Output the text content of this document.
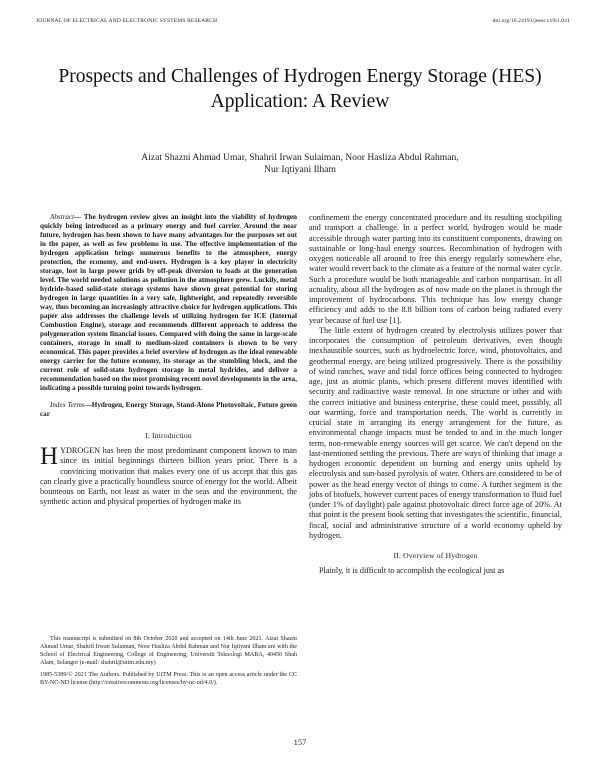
JOURNAL OF ELECTRICAL AND ELECTRONIC SYSTEMS RESEARCH	doi.org/10.24191/jeesr.v19i1.021
Prospects and Challenges of Hydrogen Energy Storage (HES) Application: A Review
Aizat Shazni Ahmad Umar, Shahril Irwan Sulaiman, Noor Hasliza Abdul Rahman,
Nur Iqtiyani Ilham

Abstract— The hydrogen review gives an insight into the viability of hydrogen quickly being introduced as a primary energy and fuel carrier. Around the near future, hydrogen has been shown to have many advantages for the purposes set out in the paper, as well as few problems in use. The effective implementation of the hydrogen application brings numerous benefits to the atmosphere, energy protection, the economy, and end-users. Hydrogen is a key player in electricity storage, lost in large power grids by off-peak diversion to loads at the generation level. The world needed solutions as pollution in the atmosphere grew. Luckily, metal hydride-based solid-state storage systems have shown great potential for storing hydrogen in large quantities in a very safe, lightweight, and repeatedly reversible way, thus becoming an increasingly attractive choice for hydrogen applications. This paper also addresses the challenge levels of utilizing hydrogen for ICE (Internal Combustion Engine), storage and recommends different approach to address the polygeneration system financial issues. Compared with doing the same in large-scale containers, storage in small to medium-sized containers is shown to be very economical. This paper provides a brief overview of hydrogen as the ideal renewable energy carrier for the future economy, its storage as the stumbling block, and the current role of solid-state hydrogen storage in metal hydrides, and deliver a recommendation based on the most promising recent novel developments in the area, indicating a possible turning point towards hydrogen.

Index Terms—Hydrogen, Energy Storage, Stand-Alone Photovoltaic, Future green car

I. Introduction

HYDROGEN has been the most predominant component known to man since its initial beginnings thirteen billion years prior. There is a convincing motivation that makes every one of us accept that this gas can clearly give a practically boundless source of energy for the world. Albeit bounteous on Earth, not least as water in the seas and the environment, the synthetic action and physical properties of hydrogen make its

This manuscript is submitted on 8th October 2020 and accepted on 14th June 2021. Aizat Shazni Ahmad Umar, Shahril Irwan Sulaiman, Noor Hasliza Abdul Rahman and Nur Iqtiyani Ilham are with the School of Electrical Engineering, College of Engineering, Universiti Teknologi MARA, 40450 Shah Alam, Selangor (e-mail: shahril@uitm.edu.my)

1985-5389/© 2021 The Authors. Published by UiTM Press. This is an open access article under the CC BY-NC-ND license (http://creativecommons.org/licenses/by-nc-nd/4.0/).

confinement the energy concentrated procedure and its resulting stockpiling and transport a challenge. In a perfect world, hydrogen would be made accessible through water parting into its constituent components, drawing on sustainable or long-haul energy sources. Recombination of hydrogen with oxygen noticeable all around to free this energy regularly somewhere else, water would revert back to the climate as a feature of the normal water cycle. Such a procedure would be both manageable and carbon nonpartisan. In all actuality, about all the hydrogen as of now made on the planet is through the improvement of hydrocarbons. This technique has low energy change efficiency and adds to the 8.8 billion tons of carbon being radiated every year because of fuel use [1].

The little extent of hydrogen created by electrolysis utilizes power that incorporates the consumption of petroleum derivatives, even though inexhaustible sources, such as hydroelectric force, wind, photovoltaics, and geothermal energy, are being utilized progressively. There is the possibility of wind ranches, wave and tidal force offices being connected to hydrogen age, just as atomic plants, which present different moves identified with security and radioactive waste removal. In one structure or other and with the correct initiative and business enterprise, these could meet, possibly, all our warming, force and transportation needs. The world is currently in crucial state in arranging its energy arrangement for the future, as environmental change impacts must be tended to and in the much longer term, non-renewable energy sources will get scarce. We can't depend on the last-mentioned settling the previous. There are ways of thinking that image a hydrogen economic dependent on burning and energy units upheld by electrolysis and sun-based pyrolysis of water. Others are considered to be of power as the head energy vector of things to come. A further segment is the jobs of biofuels, however current paces of energy transformation to fluid fuel (under 1% of daylight) pale against photovoltaic direct force age of 20%. At that point is the present book setting that investigates the scientific, financial, fiscal, social and administrative structure of a world economy upheld by hydrogen.

II. Overview of Hydrogen

Plainly, it is difficult to accomplish the ecological just as

157
